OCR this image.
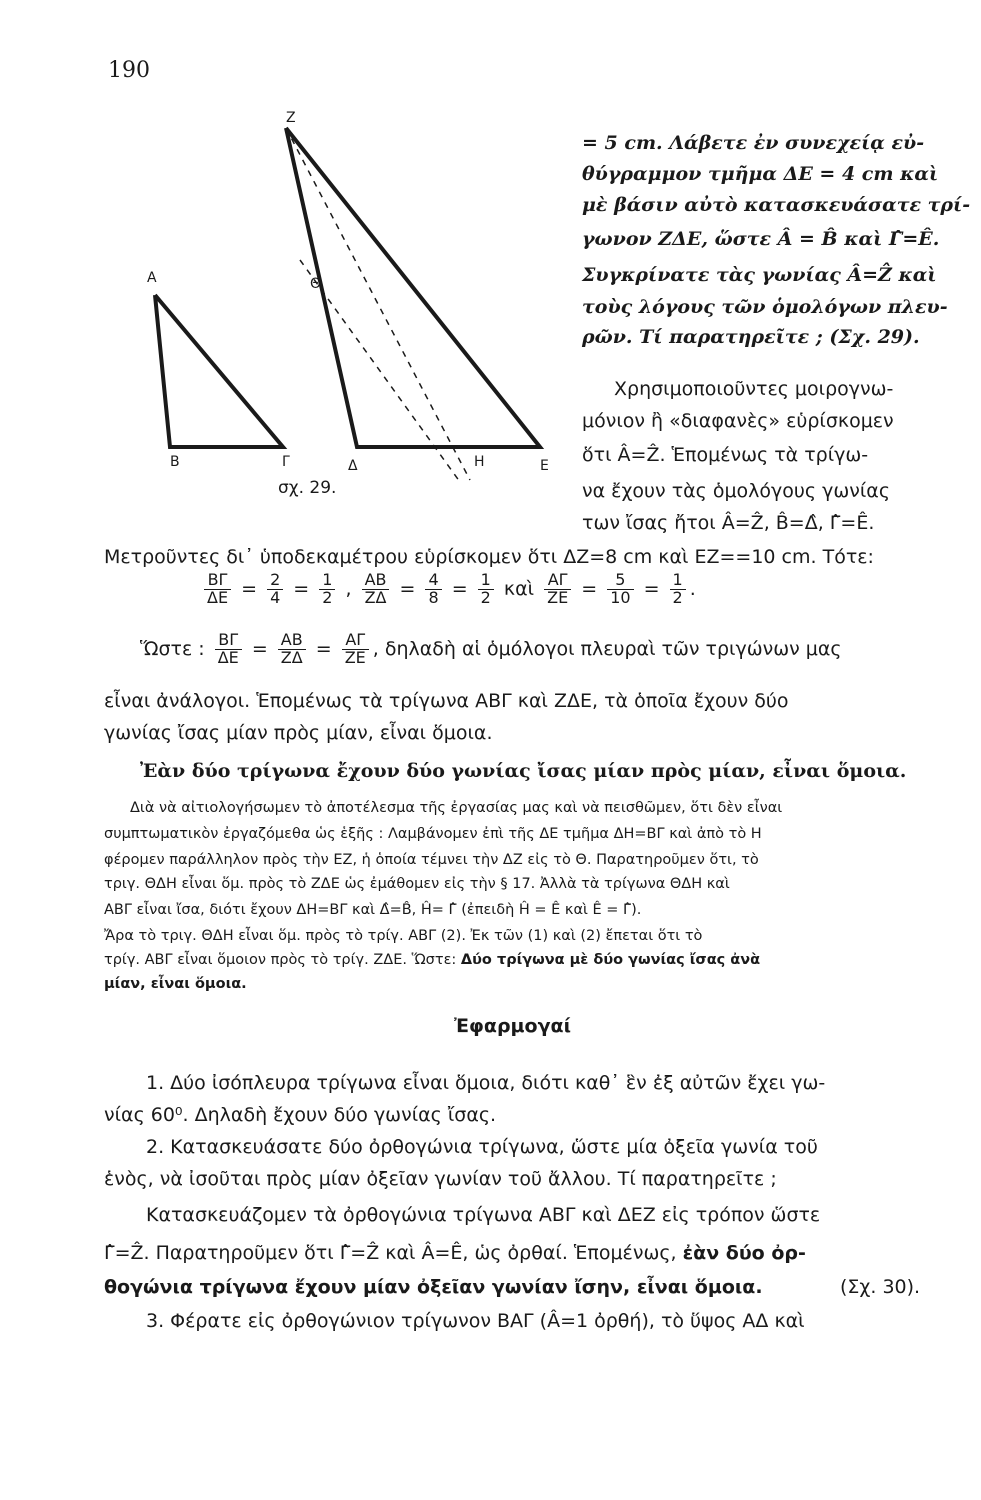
190
Z
A	Θ
B	Γ	Δ	H	E
σχ. 29.
= 5 cm. Λάβετε ἐν συνεχείᾳ εὐ-
θύγραμμον τμῆμα ΔΕ = 4 cm καὶ
μὲ βάσιν αὐτὸ κατασκευάσατε τρί-
γωνον ΖΔΕ, ὥστε Â = B̂ καὶ Γ̂=Ê.
Συγκρίνατε τὰς γωνίας Â=Ẑ καὶ
τοὺς λόγους τῶν ὁμολόγων πλευ-
ρῶν. Τί παρατηρεῖτε ; (Σχ. 29).
Χρησιμοποιοῦντες μοιρογνω-
μόνιον ἢ «διαφανὲς» εὑρίσκομεν
ὅτι Â=Ẑ. Ἑπομένως τὰ τρίγω-
να ἔχουν τὰς ὁμολόγους γωνίας
των ἴσας ἤτοι Â=Ẑ, B̂=Δ̂, Γ̂=Ê.
Μετροῦντες δι᾽ ὑποδεκαμέτρου εὑρίσκομεν ὅτι ΔΖ=8 cm καὶ ΕΖ==10 cm. Τότε:
$\frac{B\Gamma}{\Delta E} = \frac{2}{4} = \frac{1}{2}$ , $\frac{AB}{Z\Delta} = \frac{4}{8} = \frac{1}{2}$ καὶ $\frac{A\Gamma}{ZE} = \frac{5}{10} = \frac{1}{2}$ .
Ὥστε : $\frac{B\Gamma}{\Delta E} = \frac{AB}{Z\Delta} = \frac{A\Gamma}{ZE}$ , δηλαδὴ αἱ ὁμόλογοι πλευραὶ τῶν τριγώνων μας
εἶναι ἀνάλογοι. Ἑπομένως τὰ τρίγωνα ΑΒΓ καὶ ΖΔΕ, τὰ ὁποῖα ἔχουν δύο
γωνίας ἴσας μίαν πρὸς μίαν, εἶναι ὅμοια.
Ἐὰν δύο τρίγωνα ἔχουν δύο γωνίας ἴσας μίαν πρὸς μίαν, εἶναι ὅμοια.
Διὰ νὰ αἰτιολογήσωμεν τὸ ἀποτέλεσμα τῆς ἐργασίας μας καὶ νὰ πεισθῶμεν, ὅτι δὲν εἶναι
συμπτωματικὸν ἐργαζόμεθα ὡς ἑξῆς : Λαμβάνομεν ἐπὶ τῆς ΔΕ τμῆμα ΔΗ=ΒΓ καὶ ἀπὸ τὸ Η
φέρομεν παράλληλον πρὸς τὴν ΕΖ, ἡ ὁποία τέμνει τὴν ΔΖ εἰς τὸ Θ. Παρατηροῦμεν ὅτι, τὸ
τριγ. ΘΔΗ εἶναι ὅμ. πρὸς τὸ ΖΔΕ ὡς ἐμάθομεν εἰς τὴν § 17. Ἀλλὰ τὰ τρίγωνα ΘΔΗ καὶ
ΑΒΓ εἶναι ἴσα, διότι ἔχουν ΔΗ=ΒΓ καὶ Δ̂=B̂, Ĥ= Γ̂ (ἐπειδὴ Ĥ = Ê καὶ Ê = Γ̂).
Ἄρα τὸ τριγ. ΘΔΗ εἶναι ὅμ. πρὸς τὸ τρίγ. ΑΒΓ (2). Ἐκ τῶν (1) καὶ (2) ἔπεται ὅτι τὸ
τρίγ. ΑΒΓ εἶναι ὅμοιον πρὸς τὸ τρίγ. ΖΔΕ. Ὥστε: Δύο τρίγωνα μὲ δύο γωνίας ἴσας ἀνὰ
μίαν, εἶναι ὅμοια.
Ἐφαρμογαί
1. Δύο ἰσόπλευρα τρίγωνα εἶναι ὅμοια, διότι καθ᾽ ἓν ἐξ αὐτῶν ἔχει γω-
νίας 60⁰. Δηλαδὴ ἔχουν δύο γωνίας ἴσας.
2. Κατασκευάσατε δύο ὀρθογώνια τρίγωνα, ὥστε μία ὀξεῖα γωνία τοῦ
ἑνὸς, νὰ ἰσοῦται πρὸς μίαν ὀξεῖαν γωνίαν τοῦ ἄλλου. Τί παρατηρεῖτε ;
Κατασκευάζομεν τὰ ὀρθογώνια τρίγωνα ΑΒΓ καὶ ΔΕΖ εἰς τρόπον ὥστε
Γ̂=Ẑ. Παρατηροῦμεν ὅτι Γ̂=Ẑ καὶ Â=Ê, ὡς ὀρθαί. Ἑπομένως, ἐὰν δύο ὀρ-
θογώνια τρίγωνα ἔχουν μίαν ὀξεῖαν γωνίαν ἴσην, εἶναι ὅμοια.	(Σχ. 30).
3. Φέρατε εἰς ὀρθογώνιον τρίγωνον ΒΑΓ (Â=1 ὀρθή), τὸ ὕψος ΑΔ καὶ
